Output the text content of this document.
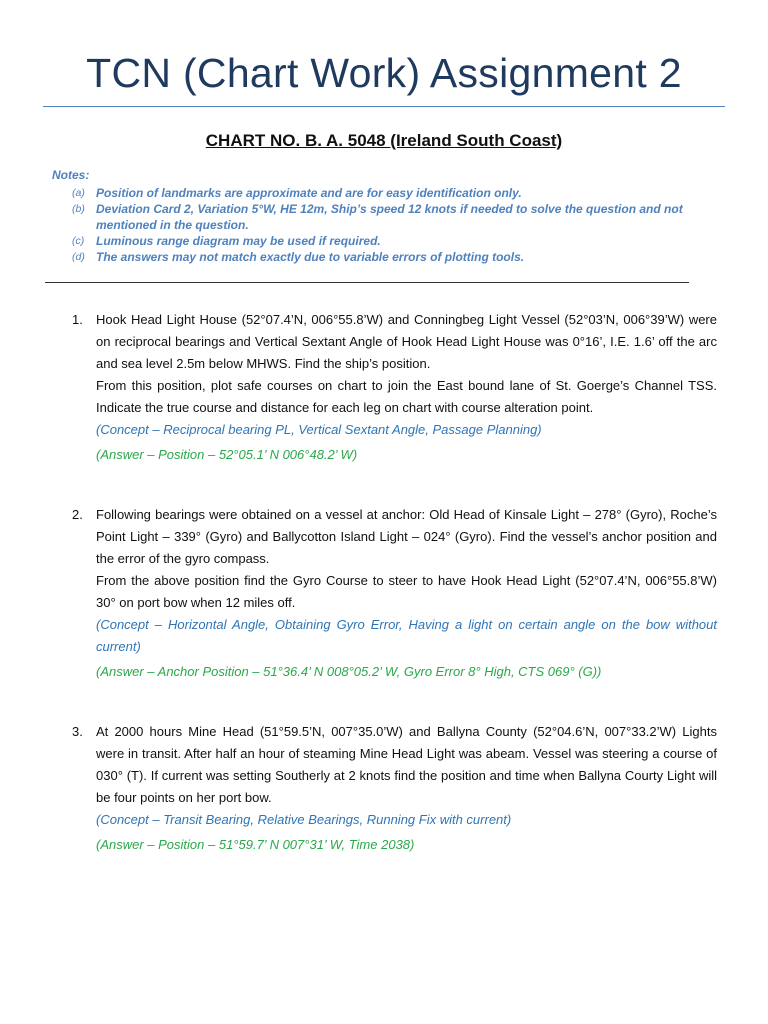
TCN (Chart Work) Assignment 2
CHART NO. B. A. 5048 (Ireland South Coast)
Notes:
(a) Position of landmarks are approximate and are for easy identification only.
(b) Deviation Card 2, Variation 5°W, HE 12m, Ship’s speed 12 knots if needed to solve the question and not mentioned in the question.
(c) Luminous range diagram may be used if required.
(d) The answers may not match exactly due to variable errors of plotting tools.
1. Hook Head Light House (52°07.4’N, 006°55.8’W) and Conningbeg Light Vessel (52°03’N, 006°39’W) were on reciprocal bearings and Vertical Sextant Angle of Hook Head Light House was 0°16’, I.E. 1.6’ off the arc and sea level 2.5m below MHWS. Find the ship’s position.

From this position, plot safe courses on chart to join the East bound lane of St. Goerge’s Channel TSS. Indicate the true course and distance for each leg on chart with course alteration point.

(Concept – Reciprocal bearing PL, Vertical Sextant Angle, Passage Planning)

(Answer – Position – 52°05.1’ N 006°48.2’ W)

2. Following bearings were obtained on a vessel at anchor: Old Head of Kinsale Light – 278° (Gyro), Roche’s Point Light – 339° (Gyro) and Ballycotton Island Light – 024° (Gyro). Find the vessel’s anchor position and the error of the gyro compass.

From the above position find the Gyro Course to steer to have Hook Head Light (52°07.4’N, 006°55.8’W) 30° on port bow when 12 miles off.

(Concept – Horizontal Angle, Obtaining Gyro Error, Having a light on certain angle on the bow without current)

(Answer – Anchor Position – 51°36.4’ N 008°05.2’ W, Gyro Error 8° High, CTS 069° (G))

3. At 2000 hours Mine Head (51°59.5’N, 007°35.0’W) and Ballyna County (52°04.6’N, 007°33.2’W) Lights were in transit. After half an hour of steaming Mine Head Light was abeam. Vessel was steering a course of 030° (T). If current was setting Southerly at 2 knots find the position and time when Ballyna Courty Light will be four points on her port bow.

(Concept – Transit Bearing, Relative Bearings, Running Fix with current)

(Answer – Position – 51°59.7’ N 007°31’ W, Time 2038)
